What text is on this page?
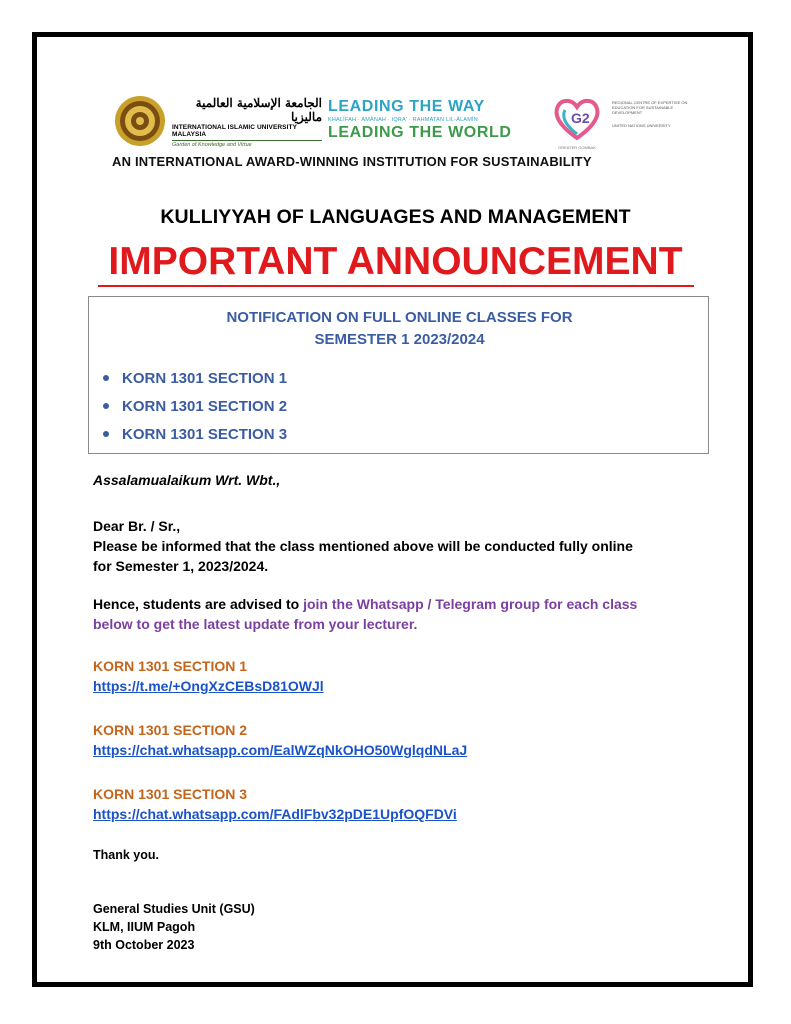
الجامعة الإسلامية العالمية ماليزيا
INTERNATIONAL ISLAMIC UNIVERSITY MALAYSIA
Garden of Knowledge and Virtue
LEADING THE WAY
KHALĪFAH · AMĀNAH · IQRA' · RAHMATAN LIL-ĀLAMĪN
LEADING THE WORLD
G2
GREATER GOMBAK
REGIONAL CENTRE OF EXPERTISE ON EDUCATION FOR SUSTAINABLE DEVELOPMENT
UNITED NATIONS UNIVERSITY
AN INTERNATIONAL AWARD-WINNING INSTITUTION FOR SUSTAINABILITY
KULLIYYAH OF LANGUAGES AND MANAGEMENT
IMPORTANT ANNOUNCEMENT
NOTIFICATION ON FULL ONLINE CLASSES FOR
SEMESTER 1 2023/2024
KORN 1301 SECTION 1
KORN 1301 SECTION 2
KORN 1301 SECTION 3
Assalamualaikum Wrt. Wbt.,
Dear Br. / Sr.,
Please be informed that the class mentioned above will be conducted fully online
for Semester 1, 2023/2024.
Hence, students are advised to join the Whatsapp / Telegram group for each class
below to get the latest update from your lecturer.
KORN 1301 SECTION 1
https://t.me/+OngXzCEBsD81OWJl
KORN 1301 SECTION 2
https://chat.whatsapp.com/EalWZqNkOHO50WglqdNLaJ
KORN 1301 SECTION 3
https://chat.whatsapp.com/FAdlFbv32pDE1UpfOQFDVi
Thank you.
General Studies Unit (GSU)
KLM, IIUM Pagoh
9th October 2023
